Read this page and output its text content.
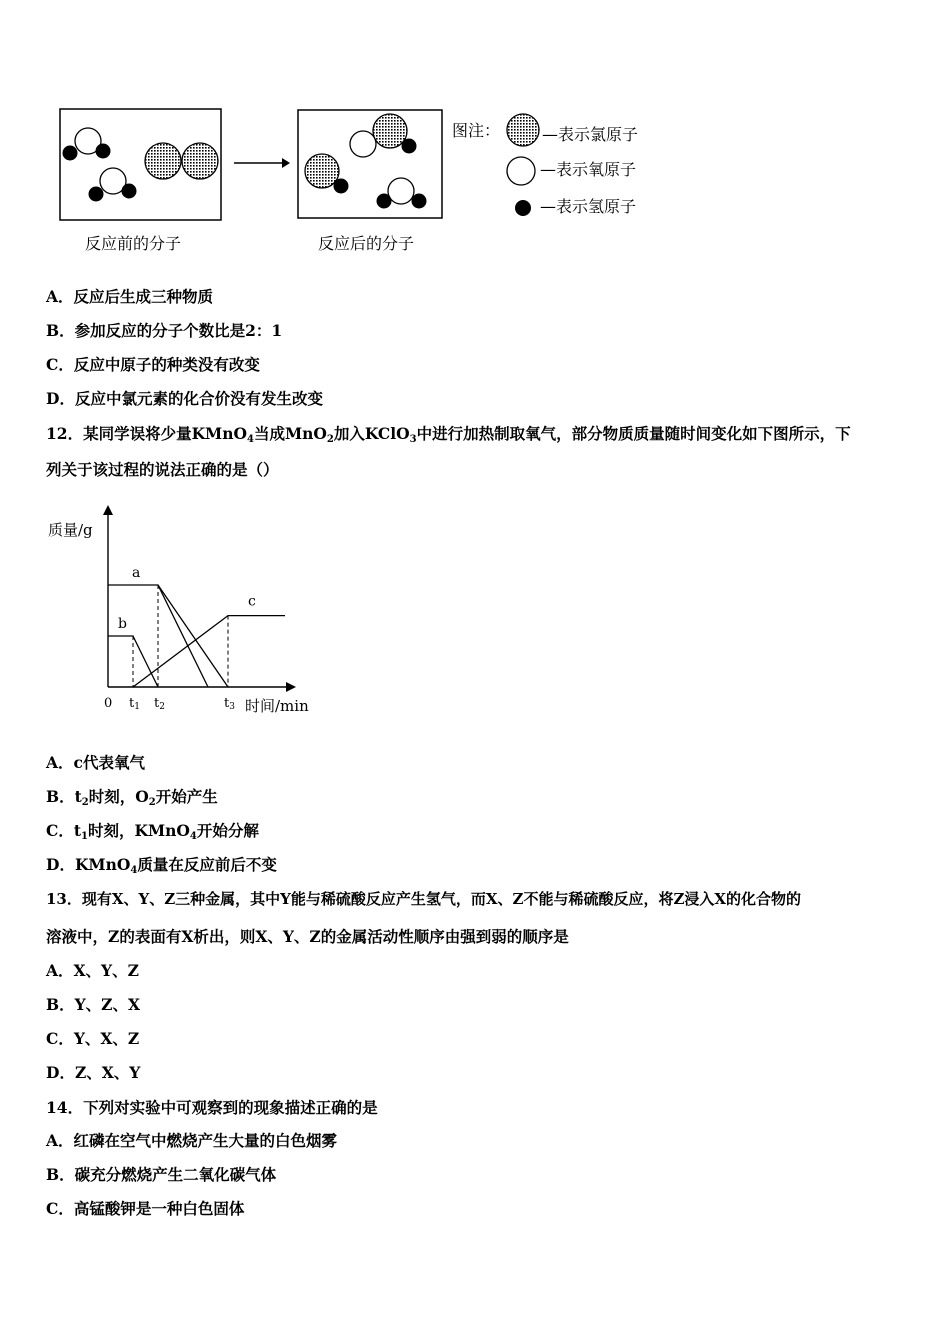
图注：	—表示氯原子
—表示氧原子
—表示氢原子
反应前的分子	反应后的分子
A．反应后生成三种物质
B．参加反应的分子个数比是2：1
C．反应中原子的种类没有改变
D．反应中氯元素的化合价没有发生改变
12．某同学误将少量KMnO$_4$当成MnO$_2$加入KClO$_3$中进行加热制取氧气，部分物质质量随时间变化如下图所示，下
列关于该过程的说法正确的是（）
a
b
c
t1 t2	t3
质量/g
时间/min
0
A．c代表氧气
B．$t_2$时刻，$O_2$开始产生
C．$t_1$时刻，KMnO$_4$开始分解
D．KMnO$_4$质量在反应前后不变
13．现有X、Y、Z三种金属，其中Y能与稀硫酸反应产生氢气，而X、Z不能与稀硫酸反应，将Z浸入X的化合物的
溶液中，Z的表面有X析出，则X、Y、Z的金属活动性顺序由强到弱的顺序是
A．X、Y、Z
B．Y、Z、X
C．Y、X、Z
D．Z、X、Y
14．下列对实验中可观察到的现象描述正确的是
A．红磷在空气中燃烧产生大量的白色烟雾
B．碳充分燃烧产生二氧化碳气体
C．高锰酸钾是一种白色固体
